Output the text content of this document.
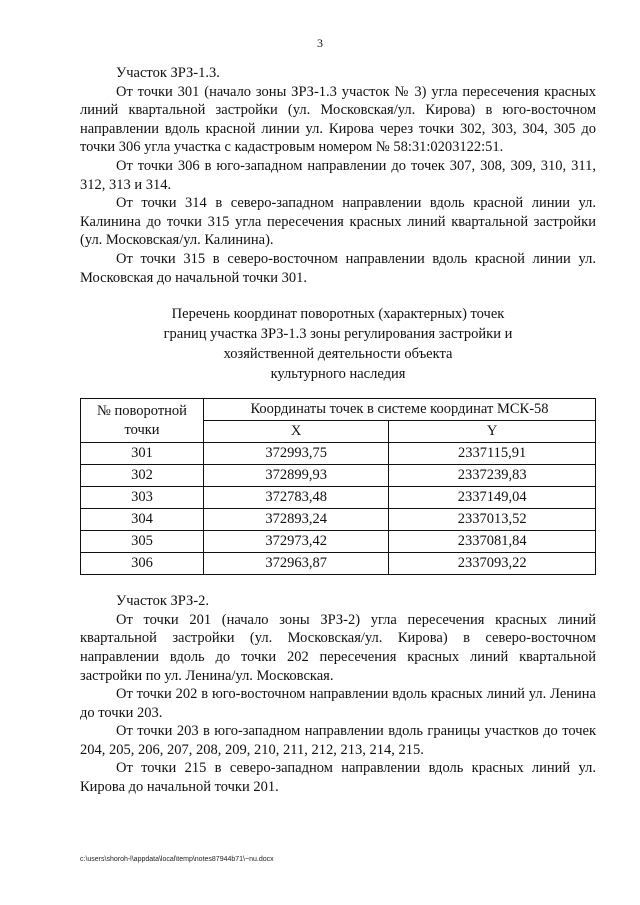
3

Участок ЗРЗ-1.3.

От точки 301 (начало зоны ЗРЗ-1.3 участок № 3) угла пересечения красных линий квартальной застройки (ул. Московская/ул. Кирова) в юго-восточном направлении вдоль красной линии ул. Кирова через точки 302, 303, 304, 305 до точки 306 угла участка с кадастровым номером № 58:31:0203122:51.

От точки 306 в юго-западном направлении до точек 307, 308, 309, 310, 311, 312, 313 и 314.

От точки 314 в северо-западном направлении вдоль красной линии ул. Калинина до точки 315 угла пересечения красных линий квартальной застройки (ул. Московская/ул. Калинина).

От точки 315 в северо-восточном направлении вдоль красной линии ул. Московская до начальной точки 301.

Перечень координат поворотных (характерных) точек

границ участка ЗРЗ-1.3 зоны регулирования застройки и

хозяйственной деятельности объекта

культурного наследия

№ поворотной точки	Координаты точек в системе координат МСК-58	
	X	Y
301	372993,75	2337115,91
302	372899,93	2337239,83
303	372783,48	2337149,04
304	372893,24	2337013,52
305	372973,42	2337081,84
306	372963,87	2337093,22

Участок ЗРЗ-2.

От точки 201 (начало зоны ЗРЗ-2) угла пересечения красных линий квартальной застройки (ул. Московская/ул. Кирова) в северо-восточном направлении вдоль до точки 202 пересечения красных линий квартальной застройки по ул. Ленина/ул. Московская.

От точки 202 в юго-восточном направлении вдоль красных линий ул. Ленина до точки 203.

От точки 203 в юго-западном направлении вдоль границы участков до точек 204, 205, 206, 207, 208, 209, 210, 211, 212, 213, 214, 215.

От точки 215 в северо-западном направлении вдоль красных линий ул. Кирова до начальной точки 201.

c:\users\shoroh-l\appdata\local\temp\notes87944b71\~nu.docx
